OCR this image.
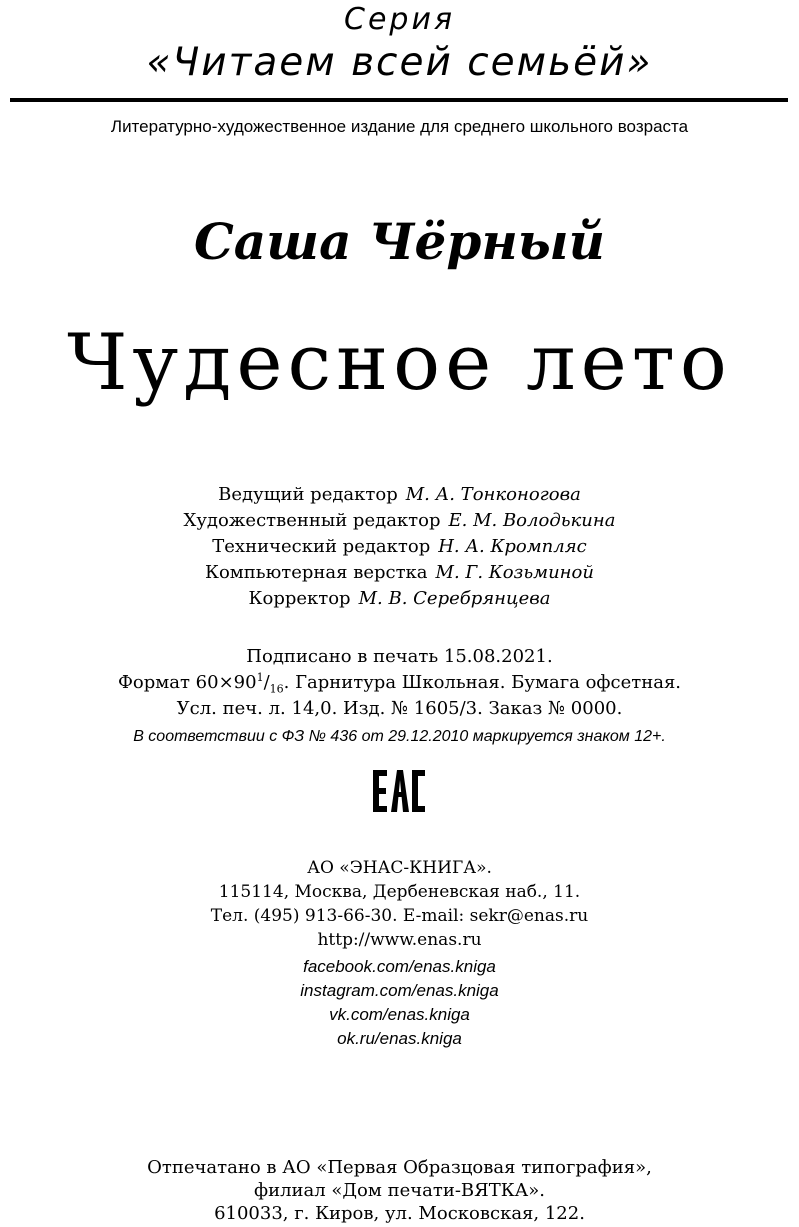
Серия
«Читаем всей семьёй»
Литературно-художественное издание для среднего школьного возраста
Саша Чёрный
Чудесное лето
Ведущий редактор М. А. Тонконогова
Художественный редактор Е. М. Володькина
Технический редактор Н. А. Кромпляс
Компьютерная верстка М. Г. Козьминой
Корректор М. В. Серебрянцева
Подписано в печать 15.08.2021.
Формат $60\times 90^1/_{16}$. Гарнитура Школьная. Бумага офсетная.
Усл. печ. л. 14,0. Изд. № 1605/3. Заказ № 0000.
В соответствии с ФЗ № 436 от 29.12.2010 маркируется знаком 12+.
АО «ЭНАС-КНИГА».
115114, Москва, Дербеневская наб., 11.
Тел. (495) 913-66-30. E-mail: sekr@enas.ru
http://www.enas.ru
facebook.com/enas.kniga
instagram.com/enas.kniga
vk.com/enas.kniga
ok.ru/enas.kniga
Отпечатано в АО «Первая Образцовая типография»,
филиал «Дом печати-ВЯТКА».
610033, г. Киров, ул. Московская, 122.
